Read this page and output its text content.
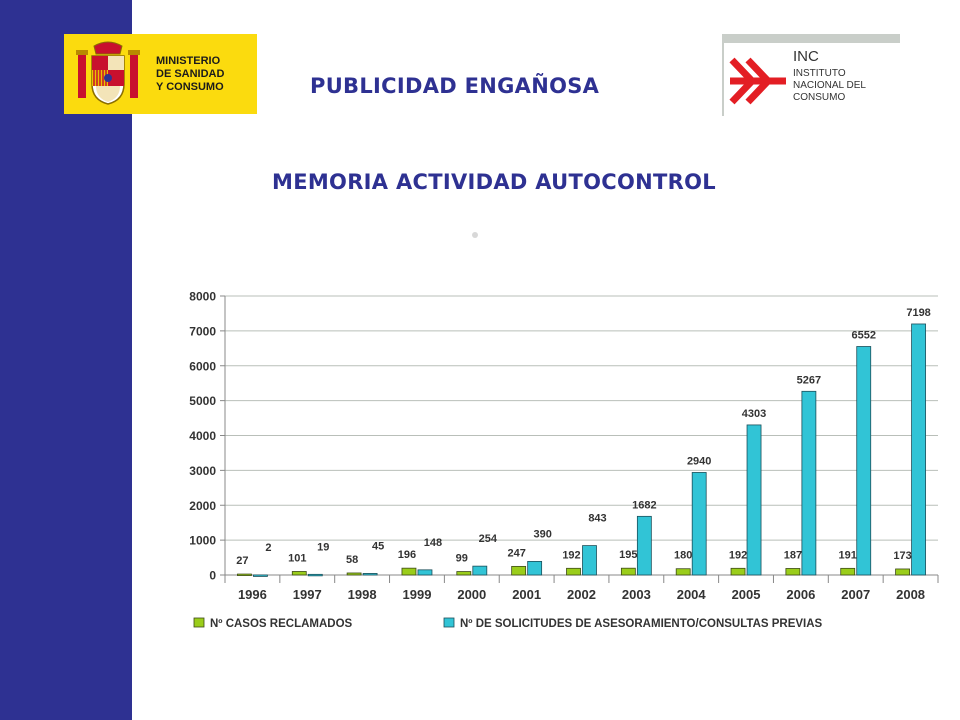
MINISTERIO
DE SANIDAD
Y CONSUMO	PUBLICIDAD ENGAÑOSA
MEMORIA ACTIVIDAD AUTOCONTROL
INC
INSTITUTO
NACIONAL DEL
CONSUMO
0
1000
2000
3000
4000
5000
6000
7000
8000
27
2
1996
101
19
1997
58
45
1998
196
148
1999
99
254
2000
247
390
2001
192
843
2002
195
1682
2003
180
2940
2004
192
4303
2005
187
5267
2006
191
6552
2007
173
7198
2008
Nº CASOS RECLAMADOS	Nº DE SOLICITUDES DE ASESORAMIENTO/CONSULTAS PREVIAS
